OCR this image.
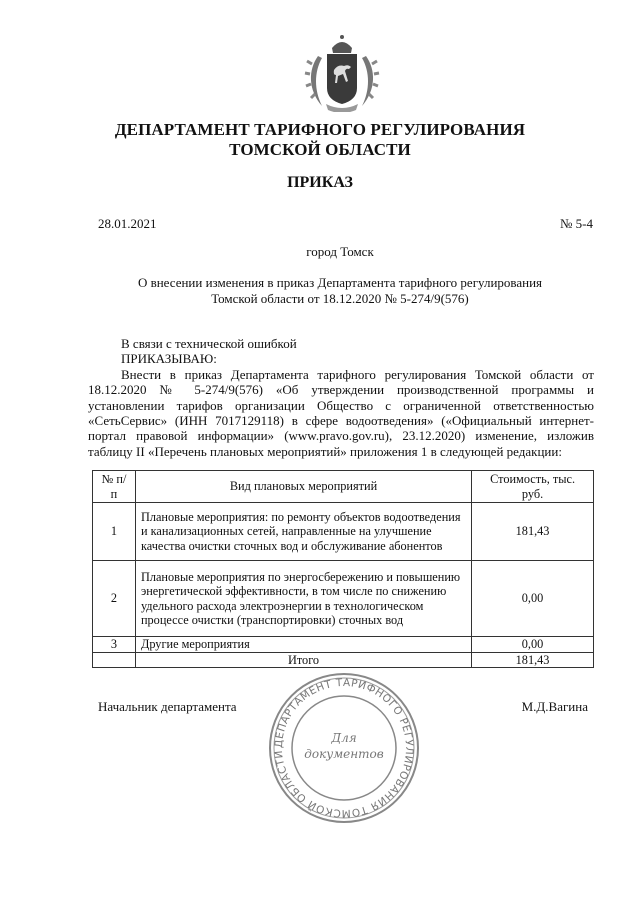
ДЕПАРТАМЕНТ ТАРИФНОГО РЕГУЛИРОВАНИЯ
ТОМСКОЙ ОБЛАСТИ
ПРИКАЗ
28.01.2021	№ 5-4
город Томск
О внесении изменения в приказ Департамента тарифного регулирования
Томской области от 18.12.2020 № 5-274/9(576)

В связи с технической ошибкой

ПРИКАЗЫВАЮ:

Внести в приказ Департамента тарифного регулирования Томской области от 18.12.2020 № 5-274/9(576) «Об утверждении производственной программы и установлении тарифов организации Общество с ограниченной ответственностью «СетьСервис» (ИНН 7017129118) в сфере водоотведения» («Официальный интернет-портал правовой информации» (www.pravo.gov.ru), 23.12.2020) изменение, изложив таблицу II «Перечень плановых мероприятий» приложения 1 в следующей редакции:

№ п/п	Вид плановых мероприятий	Стоимость, тыс. руб.
1	Плановые мероприятия: по ремонту объектов водоотведения и канализационных сетей, направленные на улучшение качества очистки сточных вод и обслуживание абонентов	181,43
2	Плановые мероприятия по энергосбережению и повышению энергетической эффективности, в том числе по снижению удельного расхода электроэнергии в технологическом процессе очистки (транспортировки) сточных вод	0,00
3	Другие мероприятия	0,00
	Итого	181,43
Начальник департамента	М.Д.Вагина
ДЕПАРТАМЕНТ ТАРИФНОГО РЕГУЛИРОВАНИЯ ТОМСКОЙ ОБЛАСТИ
Для
документов
